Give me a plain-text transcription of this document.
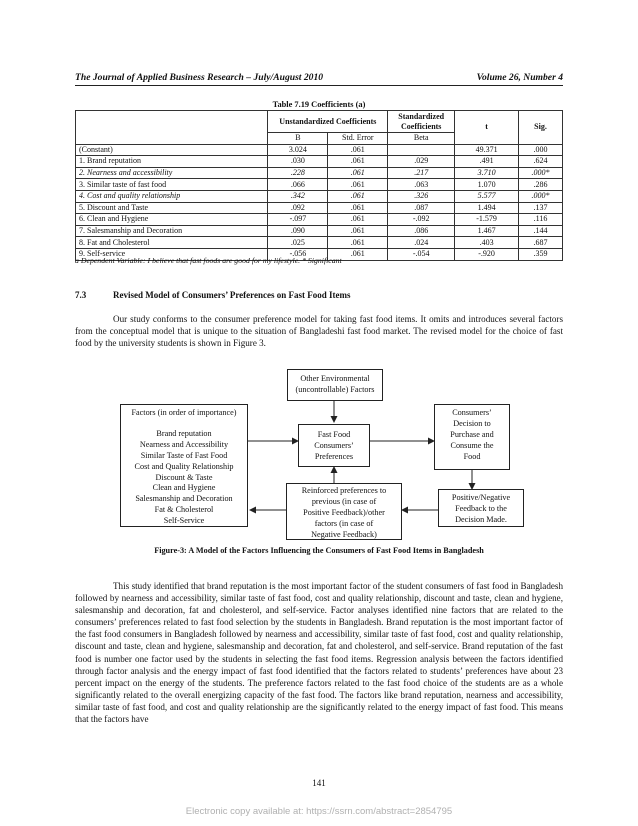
The Journal of Applied Business Research – July/August 2010	Volume 26, Number 4
Table 7.19 Coefficients (a)
	Unstandardized Coefficients		Standardized Coefficients	t	Sig.
	B	Std. Error	Beta		
(Constant)	3.024	.061		49.371	.000
1. Brand reputation	.030	.061	.029	.491	.624
2. Nearness and accessibility	.228	.061	.217	3.710	.000*
3. Similar taste of fast food	.066	.061	.063	1.070	.286
4. Cost and quality relationship	.342	.061	.326	5.577	.000*
5. Discount and Taste	.092	.061	.087	1.494	.137
6. Clean and Hygiene	-.097	.061	-.092	-1.579	.116
7. Salesmanship and Decoration	.090	.061	.086	1.467	.144
8. Fat and Cholesterol	.025	.061	.024	.403	.687
9. Self-service	-.056	.061	-.054	-.920	.359
a Dependent Variable: I believe that fast foods are good for my lifestyle. * Significant
7.3	Revised Model of Consumers’ Preferences on Fast Food Items
Our study conforms to the consumer preference model for taking fast food items. It omits and introduces several factors from the conceptual model that is unique to the situation of Bangladeshi fast food market. The revised model for the choice of fast food by the university students is shown in Figure 3.
Other Environmental
(uncontrollable) Factors
Factors (in order of importance)
Brand reputation
Nearness and Accessibility
Similar Taste of Fast Food
Cost and Quality Relationship
Discount & Taste
Clean and Hygiene
Salesmanship and Decoration
Fat & Cholesterol
Self-Service
Fast Food
Consumers’
Preferences
Consumers’
Decision to
Purchase and
Consume the
Food
Reinforced preferences to
previous (in case of
Positive Feedback)/other
factors (in case of
Negative Feedback)
Positive/Negative
Feedback to the
Decision Made.
Figure-3: A Model of the Factors Influencing the Consumers of Fast Food Items in Bangladesh
This study identified that brand reputation is the most important factor of the student consumers of fast food in Bangladesh followed by nearness and accessibility, similar taste of fast food, cost and quality relationship, discount and taste, clean and hygiene, salesmanship and decoration, fat and cholesterol, and self-service. Factor analyses identified nine factors that are related to the consumers’ preferences related to fast food selection by the students in Bangladesh. Brand reputation is the most important factor of the fast food consumers in Bangladesh followed by nearness and accessibility, similar taste of fast food, cost and quality relationship, discount and taste, clean and hygiene, salesmanship and decoration, fat and cholesterol, and self-service. Brand reputation of the fast food is number one factor used by the students in selecting the fast food items. Regression analysis between the factors identified through factor analysis and the energy impact of fast food identified that the factors related to students’ preferences have about 23 percent impact on the energy of the students. The preference factors related to the fast food choice of the students are as a whole significantly related to the overall energizing capacity of the fast food. The factors like brand reputation, nearness and accessibility, similar taste of fast food, and cost and quality relationship are the significantly related to the energy impact of fast food. This means that the factors have
141
Electronic copy available at: https://ssrn.com/abstract=2854795
